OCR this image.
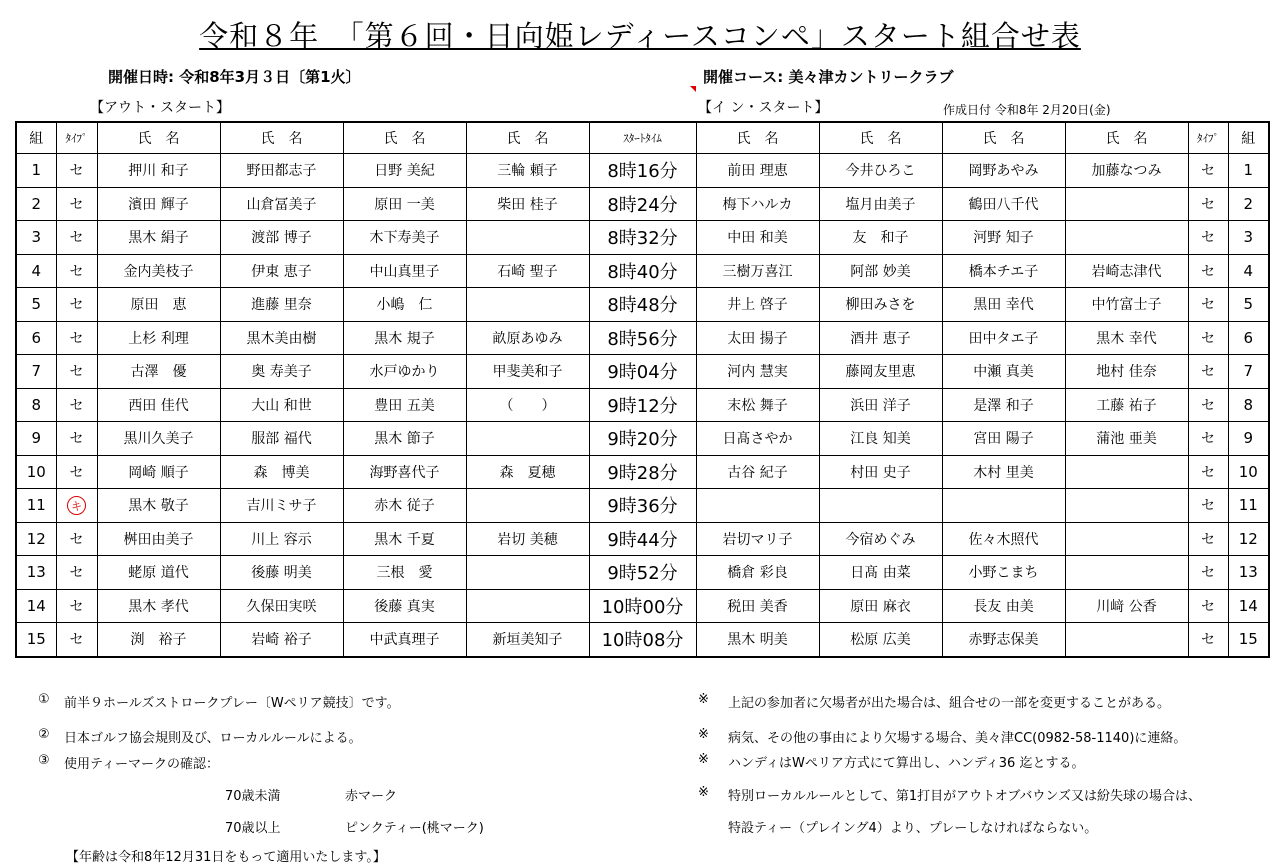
令和８年　「第６回・日向姫レディースコンペ」スタート組合せ表
開催日時: 令和8年3月３日〔第1火〕	開催コース: 美々津カントリークラブ
【アウト・スタート】	【イ ン・スタート】	作成日付 令和8年 2月20日(金)
組	ﾀｲﾌﾟ	氏　名	氏　名	氏　名	氏　名	ｽﾀｰﾄﾀｲﾑ	氏　名	氏　名	氏　名	氏　名	ﾀｲﾌﾟ	組
1	セ	押川 和子	野田都志子	日野 美紀	三輪 頼子	8時16分	前田 理恵	今井ひろこ	岡野あやみ	加藤なつみ	セ	1
2	セ	濱田 輝子	山倉冨美子	原田 一美	柴田 桂子	8時24分	梅下ハルカ	塩月由美子	鶴田八千代		セ	2
3	セ	黒木 絹子	渡部 博子	木下寿美子		8時32分	中田 和美	友　和子	河野 知子		セ	3
4	セ	金内美枝子	伊東 恵子	中山真里子	石崎 聖子	8時40分	三樹万喜江	阿部 妙美	橋本チエ子	岩崎志津代	セ	4
5	セ	原田　恵	進藤 里奈	小嶋　仁		8時48分	井上 啓子	柳田みさを	黒田 幸代	中竹富士子	セ	5
6	セ	上杉 利理	黒木美由樹	黒木 規子	畝原あゆみ	8時56分	太田 揚子	酒井 恵子	田中タエ子	黒木 幸代	セ	6
7	セ	古澤　優	奥 寿美子	水戸ゆかり	甲斐美和子	9時04分	河内 慧実	藤岡友里恵	中瀬 真美	地村 佳奈	セ	7
8	セ	西田 佳代	大山 和世	豊田 五美	（　　）	9時12分	末松 舞子	浜田 洋子	是澤 和子	工藤 祐子	セ	8
9	セ	黒川久美子	服部 福代	黒木 節子		9時20分	日髙さやか	江良 知美	宮田 陽子	蒲池 亜美	セ	9
10	セ	岡崎 順子	森　博美	海野喜代子	森　夏穂	9時28分	古谷 紀子	村田 史子	木村 里美		セ	10
11	キ	黒木 敬子	吉川ミサ子	赤木 従子		9時36分					セ	11
12	セ	桝田由美子	川上 容示	黒木 千夏	岩切 美穂	9時44分	岩切マリ子	今宿めぐみ	佐々木照代		セ	12
13	セ	蛯原 道代	後藤 明美	三根　愛		9時52分	橋倉 彩良	日髙 由菜	小野こまち		セ	13
14	セ	黒木 孝代	久保田実咲	後藤 真実		10時00分	税田 美香	原田 麻衣	長友 由美	川﨑 公香	セ	14
15	セ	渕　裕子	岩崎 裕子	中武真理子	新垣美知子	10時08分	黒木 明美	松原 広美	赤野志保美		セ	15
① 前半９ホールズストロークプレー〔Wペリア競技〕です。
② 日本ゴルフ協会規則及び、ローカルルールによる。
③ 使用ティーマークの確認：
70歳未満	赤マーク
70歳以上	ピンクティー(桃マーク)
【年齢は令和8年12月31日をもって適用いたします。】
※ 上記の参加者に欠場者が出た場合は、組合せの一部を変更することがある。
※ 病気、その他の事由により欠場する場合、美々津CC(0982-58-1140)に連絡。
※ ハンディはWペリア方式にて算出し、ハンディ36 迄とする。
※ 特別ローカルルールとして、第1打目がアウトオブバウンズ又は紛失球の場合は、
特設ティー（プレイング4）より、プレーしなければならない。
